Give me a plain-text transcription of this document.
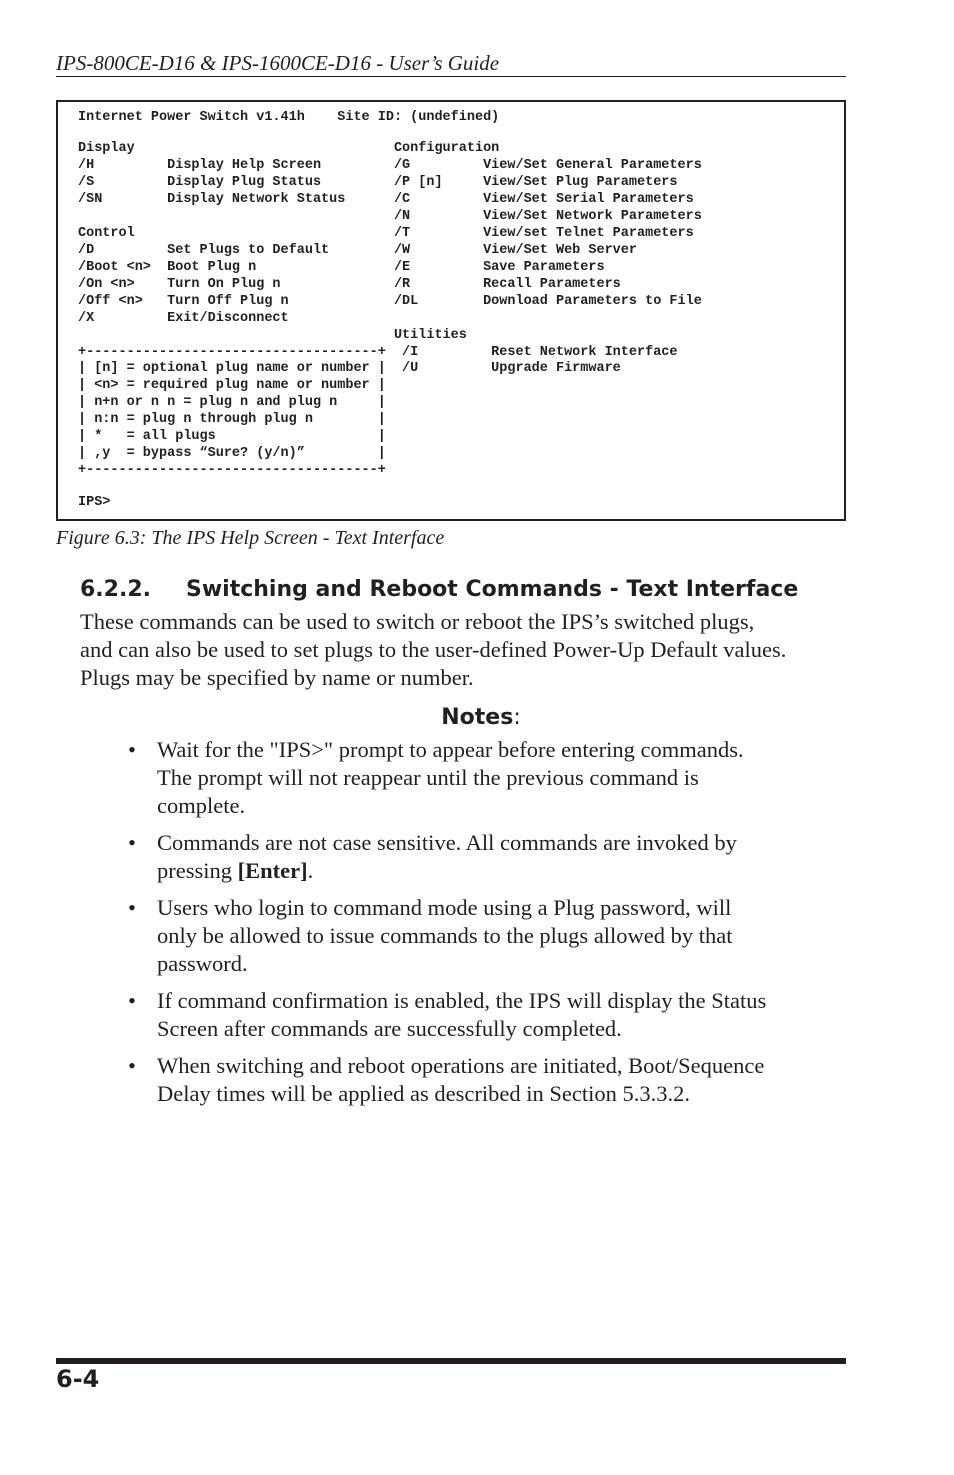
IPS-800CE-D16 & IPS-1600CE-D16 - User’s Guide
Internet Power Switch v1.41h    Site ID: (undefined)
Display                                Configuration
/H         Display Help Screen         /G         View/Set General Parameters
/S         Display Plug Status         /P [n]     View/Set Plug Parameters
/SN        Display Network Status      /C         View/Set Serial Parameters
/N         View/Set Network Parameters
Control                                /T         View/set Telnet Parameters
/D         Set Plugs to Default        /W         View/Set Web Server
/Boot <n>  Boot Plug n                 /E         Save Parameters
/On <n>    Turn On Plug n              /R         Recall Parameters
/Off <n>   Turn Off Plug n             /DL        Download Parameters to File
/X         Exit/Disconnect
Utilities
+------------------------------------+  /I         Reset Network Interface
| [n] = optional plug name or number |  /U         Upgrade Firmware
| <n> = required plug name or number |
| n+n or n n = plug n and plug n     |
| n:n = plug n through plug n        |
| *   = all plugs                    |
| ,y  = bypass “Sure? (y/n)”         |
+------------------------------------+
IPS>
Figure 6.3: The IPS Help Screen - Text Interface
6.2.2. Switching and Reboot Commands - Text Interface
These commands can be used to switch or reboot the IPS’s switched plugs,
and can also be used to set plugs to the user-defined Power-Up Default values.
Plugs may be specified by name or number.
Notes:
• Wait for the "IPS>" prompt to appear before entering commands.
The prompt will not reappear until the previous command is
complete.
• Commands are not case sensitive. All commands are invoked by
pressing [Enter].
• Users who login to command mode using a Plug password, will
only be allowed to issue commands to the plugs allowed by that
password.
• If command confirmation is enabled, the IPS will display the Status
Screen after commands are successfully completed.
• When switching and reboot operations are initiated, Boot/Sequence
Delay times will be applied as described in Section 5.3.3.2.
6-4
